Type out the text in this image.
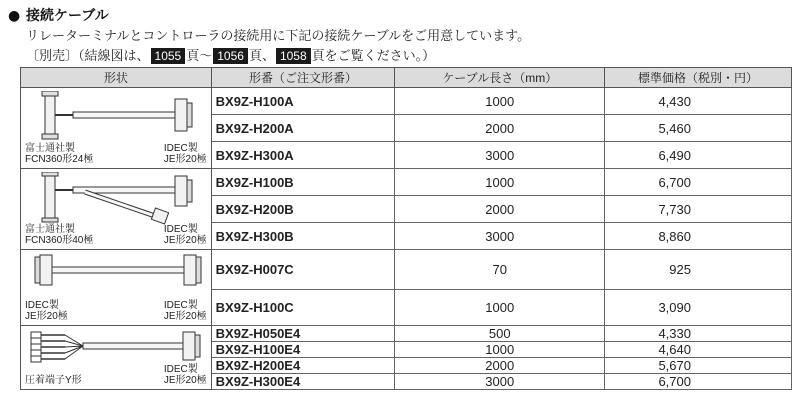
● 接続ケーブル
リレーターミナルとコントローラの接続用に下記の接続ケーブルをご用意しています。
〔別売〕（結線図は、 1055 頁～ 1056 頁、 1058 頁をご覧ください。）
形状	形番（ご注文形番）	ケーブル長さ（mm）	標準価格（税別・円）

富士通社製
FCN360形24極
IDEC製
JE形20極	BX9Z-H100A	1000	4,430
	BX9Z-H200A	2000	5,460
	BX9Z-H300A	3000	6,490

富士通社製
FCN360形40極
IDEC製
JE形20極	BX9Z-H100B	1000	6,700
	BX9Z-H200B	2000	7,730
	BX9Z-H300B	3000	8,860

IDEC製
JE形20極
IDEC製
JE形20極	BX9Z-H007C	70	925
	BX9Z-H100C	1000	3,090

圧着端子Y形
IDEC製
JE形20極	BX9Z-H050E4	500	4,330
	BX9Z-H100E4	1000	4,640
	BX9Z-H200E4	2000	5,670
	BX9Z-H300E4	3000	6,700
